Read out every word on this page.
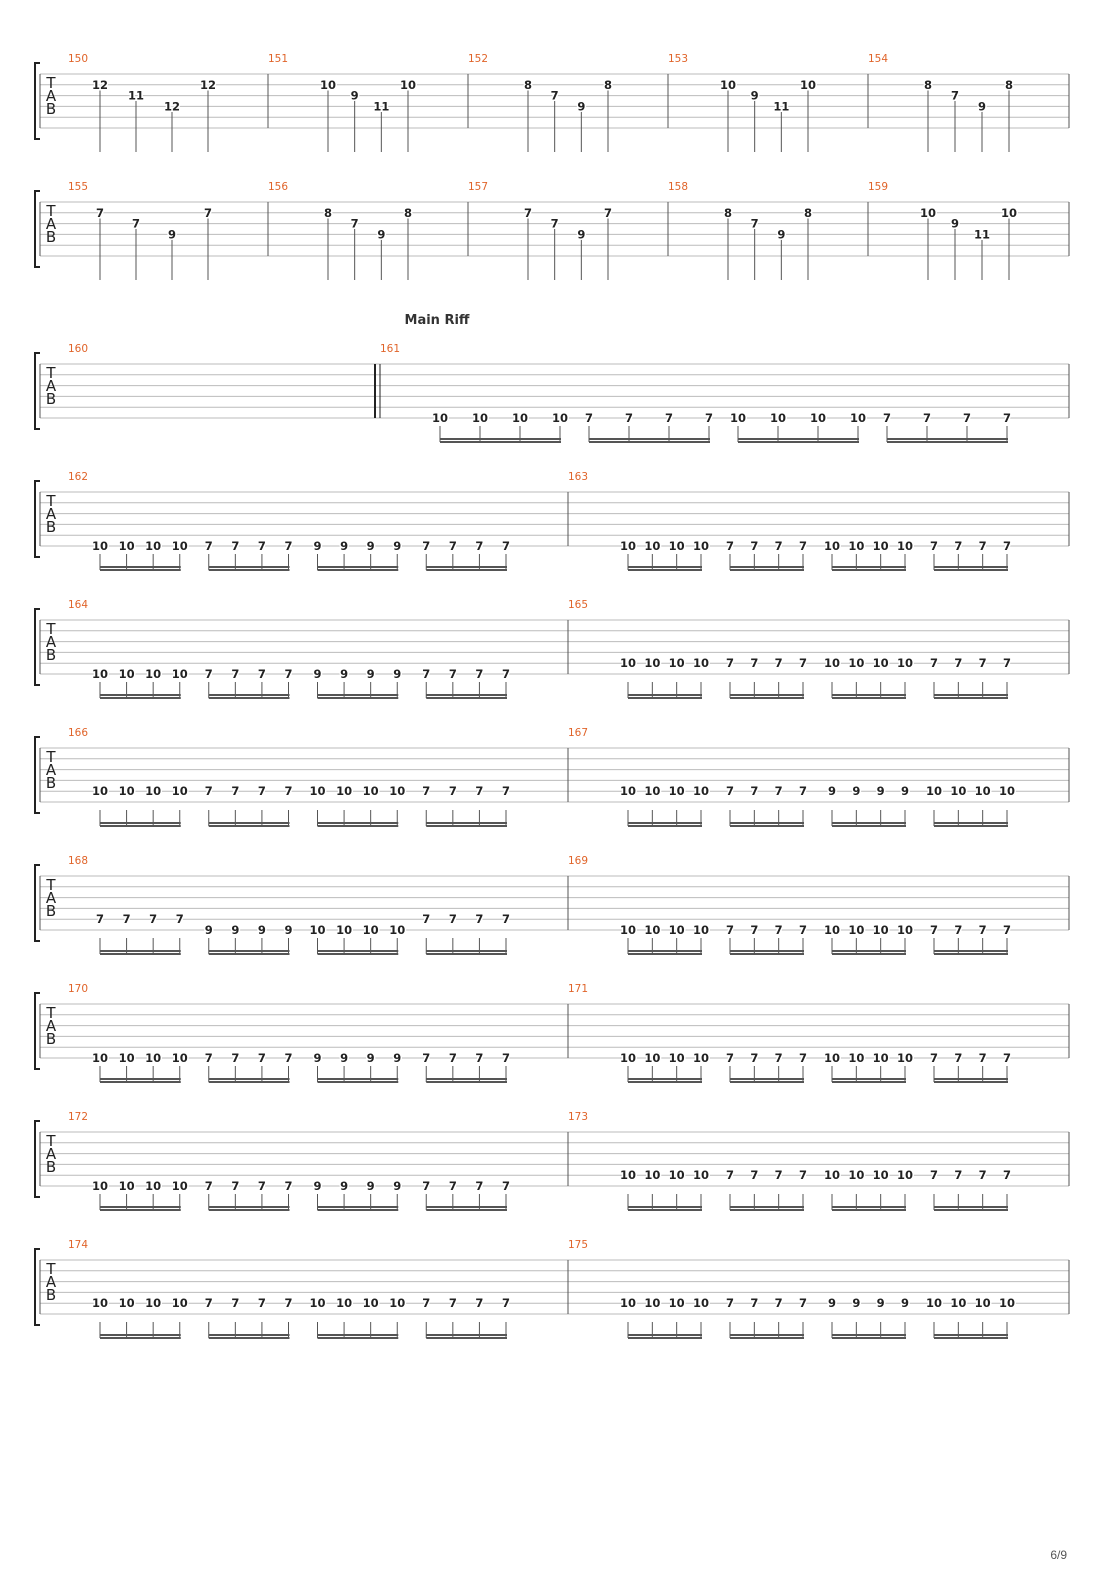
T
A
B
150
12
11
12
12
151
10
9
11
10
152
8
7
9
8
153
10
9
11
10
154
8
7
9
8
T
A
B
155
7
7
9
7
156
8
7
9
8
157
7
7
9
7
158
8
7
9
8
159
10
9
11
10
T
A
B
160
Main Riff
161
10 10 10 10 7	7	7	7 10 10 10 10 7	7	7	7
T
A
B
162
10 10 10 10 7 7 7 7 9 9 9 9 7 7 7 7
163
10 10 10 10 7 7 7 7 10 10 10 10 7 7 7 7
T
A
B
164
10 10 10 10 7 7 7 7 9 9 9 9 7 7 7 7
165
10 10 10 10 7 7 7 7 10 10 10 10 7 7 7 7
T
A
B
166
10 10 10 10 7 7 7 7 10 10 10 10 7 7 7 7
167
10 10 10 10 7 7 7 7 9 9 9 9 10 10 10 10
T
A
B
168
7 7 7 7
9 9 9 9 10 10 10 10
7 7 7 7
169
10 10 10 10 7 7 7 7 10 10 10 10 7 7 7 7
T
A
B
170
10 10 10 10 7 7 7 7 9 9 9 9 7 7 7 7
171
10 10 10 10 7 7 7 7 10 10 10 10 7 7 7 7
T
A
B
172
10 10 10 10 7 7 7 7 9 9 9 9 7 7 7 7
173
10 10 10 10 7 7 7 7 10 10 10 10 7 7 7 7
T
A
B
174
10 10 10 10 7 7 7 7 10 10 10 10 7 7 7 7
175
10 10 10 10 7 7 7 7 9 9 9 9 10 10 10 10
6/9
